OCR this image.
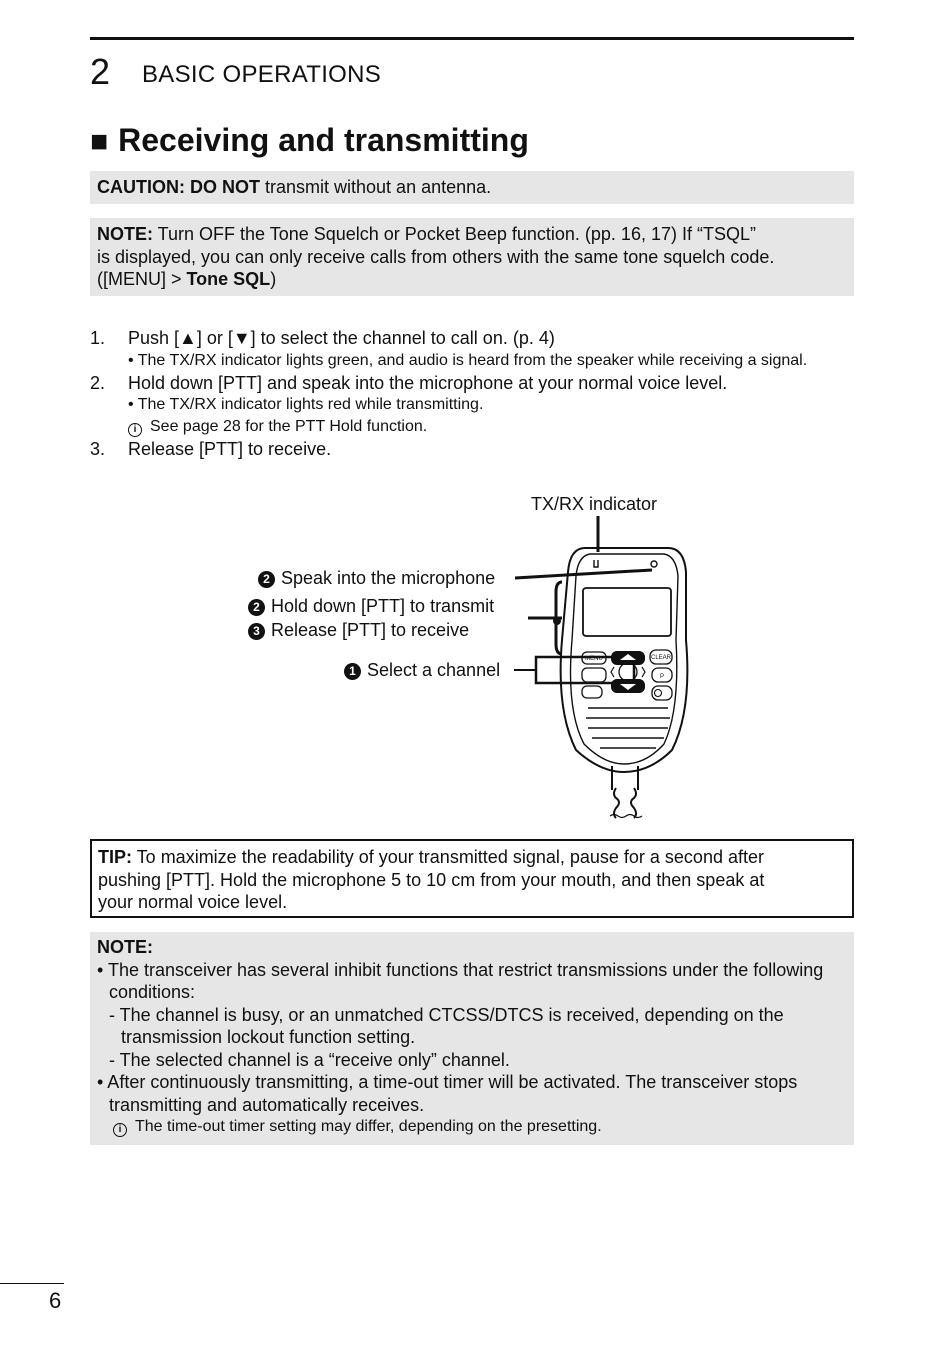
2 BASIC OPERATIONS
■ Receiving and transmitting
CAUTION: DO NOT transmit without an antenna.
NOTE: Turn OFF the Tone Squelch or Pocket Beep function. (pp. 16, 17) If “TSQL”
is displayed, you can only receive calls from others with the same tone squelch code.
([MENU] > Tone SQL)
1. Push [▲] or [▼] to select the channel to call on. (p. 4)
• The TX/RX indicator lights green, and audio is heard from the speaker while receiving a signal.
2. Hold down [PTT] and speak into the microphone at your normal voice level.
• The TX/RX indicator lights red while transmitting.
i See page 28 for the PTT Hold function.
3. Release [PTT] to receive.
TX/RX indicator
2 Speak into the microphone
2 Hold down [PTT] to transmit
3 Release [PTT] to receive
1 Select a channel
MENU	CLEAR
P
TIP: To maximize the readability of your transmitted signal, pause for a second after
pushing [PTT]. Hold the microphone 5 to 10 cm from your mouth, and then speak at
your normal voice level.
NOTE:
• The transceiver has several inhibit functions that restrict transmissions under the following conditions:
- The channel is busy, or an unmatched CTCSS/DTCS is received, depending on the transmission lockout function setting.
- The selected channel is a “receive only” channel.
• After continuously transmitting, a time-out timer will be activated. The transceiver stops transmitting and automatically receives.
i The time-out timer setting may differ, depending on the presetting.
6
